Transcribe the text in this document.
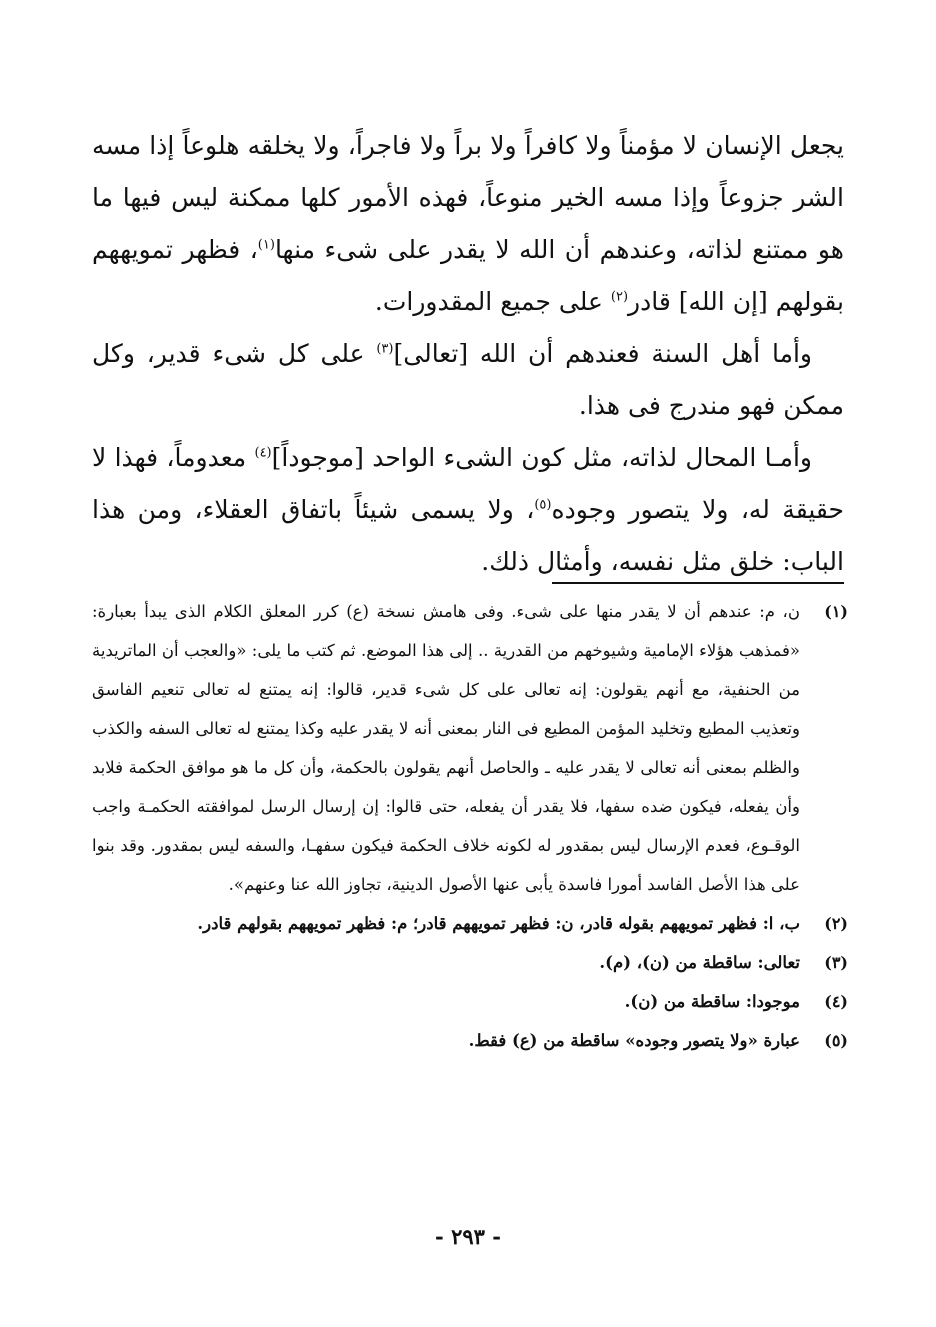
يجعل الإنسان لا مؤمناً ولا كافراً ولا براً ولا فاجراً، ولا يخلقه هلوعاً إذا مسه الشر جزوعاً وإذا مسه الخير منوعاً، فهذه الأمور كلها ممكنة ليس فيها ما هو ممتنع لذاته، وعندهم أن الله لا يقدر على شىء منها$^{(١)}$، فظهر تمويههم بقولهم [إن الله] قادر$^{(٢)}$ على جميع المقدورات.

وأما أهل السنة فعندهم أن الله [تعالى]$^{(٣)}$ على كل شىء قدير، وكل ممكن فهو مندرج فى هذا.

وأمـا المحال لذاته، مثل كون الشىء الواحد [موجوداً]$^{(٤)}$ معدوماً، فهذا لا حقيقة له، ولا يتصور وجوده$^{(٥)}$، ولا يسمى شيئاً باتفاق العقلاء، ومن هذا الباب: خلق مثل نفسه، وأمثال ذلك.

(١)
ن، م: عندهم أن لا يقدر منها على شىء. وفى هامش نسخة (ع) كرر المعلق الكلام الذى يبدأ بعبارة: «فمذهب هؤلاء الإمامية وشيوخهم من القدرية .. إلى هذا الموضع. ثم كتب ما يلى: «والعجب أن الماتريدية من الحنفية، مع أنهم يقولون: إنه تعالى على كل شىء قدير، قالوا: إنه يمتنع له تعالى تنعيم الفاسق وتعذيب المطيع وتخليد المؤمن المطيع فى النار بمعنى أنه لا يقدر عليه وكذا يمتنع له تعالى السفه والكذب والظلم بمعنى أنه تعالى لا يقدر عليه ـ والحاصل أنهم يقولون بالحكمة، وأن كل ما هو موافق الحكمة فلابد وأن يفعله، فيكون ضده سفها، فلا يقدر أن يفعله، حتى قالوا: إن إرسال الرسل لموافقته الحكمـة واجب الوقـوع، فعدم الإرسال ليس بمقدور له لكونه خلاف الحكمة فيكون سفهـا، والسفه ليس بمقدور. وقد بنوا على هذا الأصل الفاسد أمورا فاسدة يأبى عنها الأصول الدينية، تجاوز الله عنا وعنهم».
(٢)
ب، ا: فظهر تمويههم بقوله قادر، ن: فظهر تمويههم قادر؛ م: فظهر تمويههم بقولهم قادر.
(٣)
تعالى: ساقطة من (ن)، (م).
(٤)
موجودا: ساقطة من (ن).
(٥)
عبارة «ولا يتصور وجوده» ساقطة من (ع) فقط.
- ٢٩٣ -
